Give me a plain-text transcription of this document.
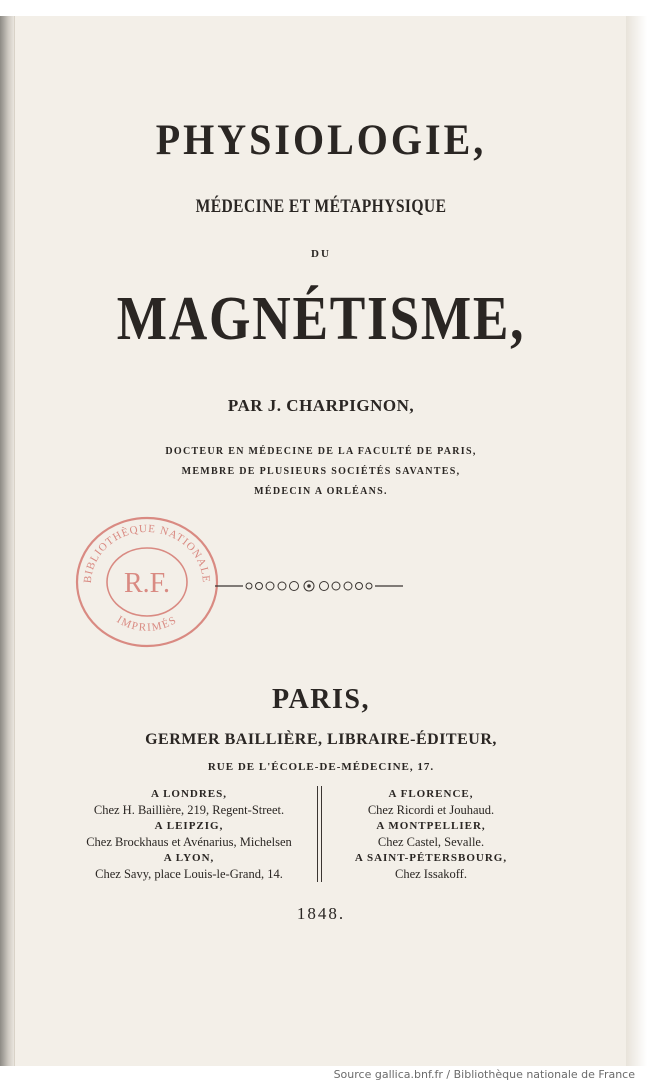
PHYSIOLOGIE,
MÉDECINE ET MÉTAPHYSIQUE
DU
MAGNÉTISME,
PAR J. CHARPIGNON,
DOCTEUR EN MÉDECINE DE LA FACULTÉ DE PARIS,
MEMBRE DE PLUSIEURS SOCIÉTÉS SAVANTES,
MÉDECIN A ORLÉANS.
BIBLIOTHÈQUE NATIONALE
IMPRIMÉS
R.F.
PARIS,
GERMER BAILLIÈRE, LIBRAIRE-ÉDITEUR,
RUE DE L'ÉCOLE-DE-MÉDECINE, 17.
A LONDRES,
Chez H. Baillière, 219, Regent-Street.
A LEIPZIG,
Chez Brockhaus et Avénarius, Michelsen
A LYON,
Chez Savy, place Louis-le-Grand, 14.
A FLORENCE,
Chez Ricordi et Jouhaud.
A MONTPELLIER,
Chez Castel, Sevalle.
A SAINT-PÉTERSBOURG,
Chez Issakoff.
1848.
Source gallica.bnf.fr / Bibliothèque nationale de France
